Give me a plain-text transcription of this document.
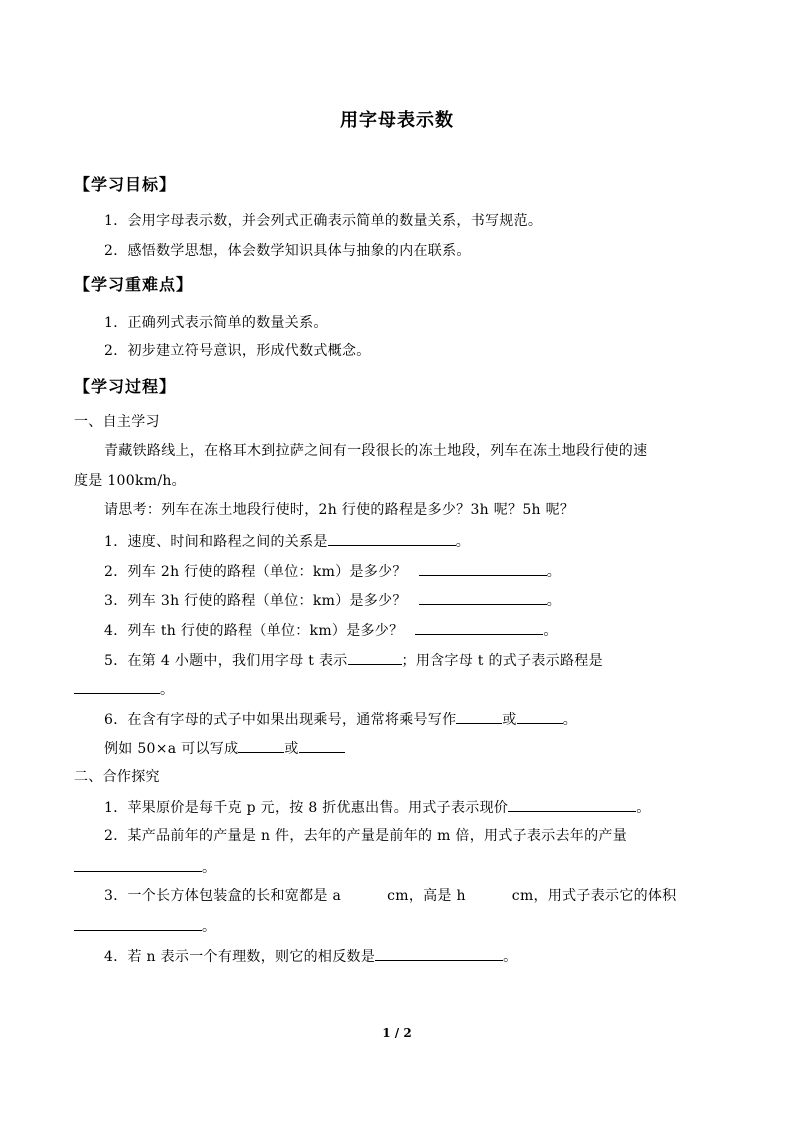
用字母表示数
【学习目标】
1．会用字母表示数，并会列式正确表示简单的数量关系，书写规范。
2．感悟数学思想，体会数学知识具体与抽象的内在联系。
【学习重难点】
1．正确列式表示简单的数量关系。
2．初步建立符号意识，形成代数式概念。
【学习过程】
一、自主学习
青藏铁路线上，在格耳木到拉萨之间有一段很长的冻土地段，列车在冻土地段行使的速
度是 100km/h。
请思考：列车在冻土地段行使时，2h 行使的路程是多少？3h 呢？5h 呢？
1．速度、时间和路程之间的关系是	。
2．列车 2h 行使的路程（单位：km）是多少？	。
3．列车 3h 行使的路程（单位：km）是多少？	。
4．列车 th 行使的路程（单位：km）是多少？	。
5．在第 4 小题中，我们用字母 t 表示	；用含字母 t 的式子表示路程是
。
6．在含有字母的式子中如果出现乘号，通常将乘号写作	或	。
例如 50×a 可以写成	或
二、合作探究
1．苹果原价是每千克 p 元，按 8 折优惠出售。用式子表示现价	。
2．某产品前年的产量是 n 件，去年的产量是前年的 m 倍，用式子表示去年的产量
。
3．一个长方体包装盒的长和宽都是 a	cm，高是 h	cm，用式子表示它的体积
。
4．若 n 表示一个有理数，则它的相反数是	。
1 / 2
